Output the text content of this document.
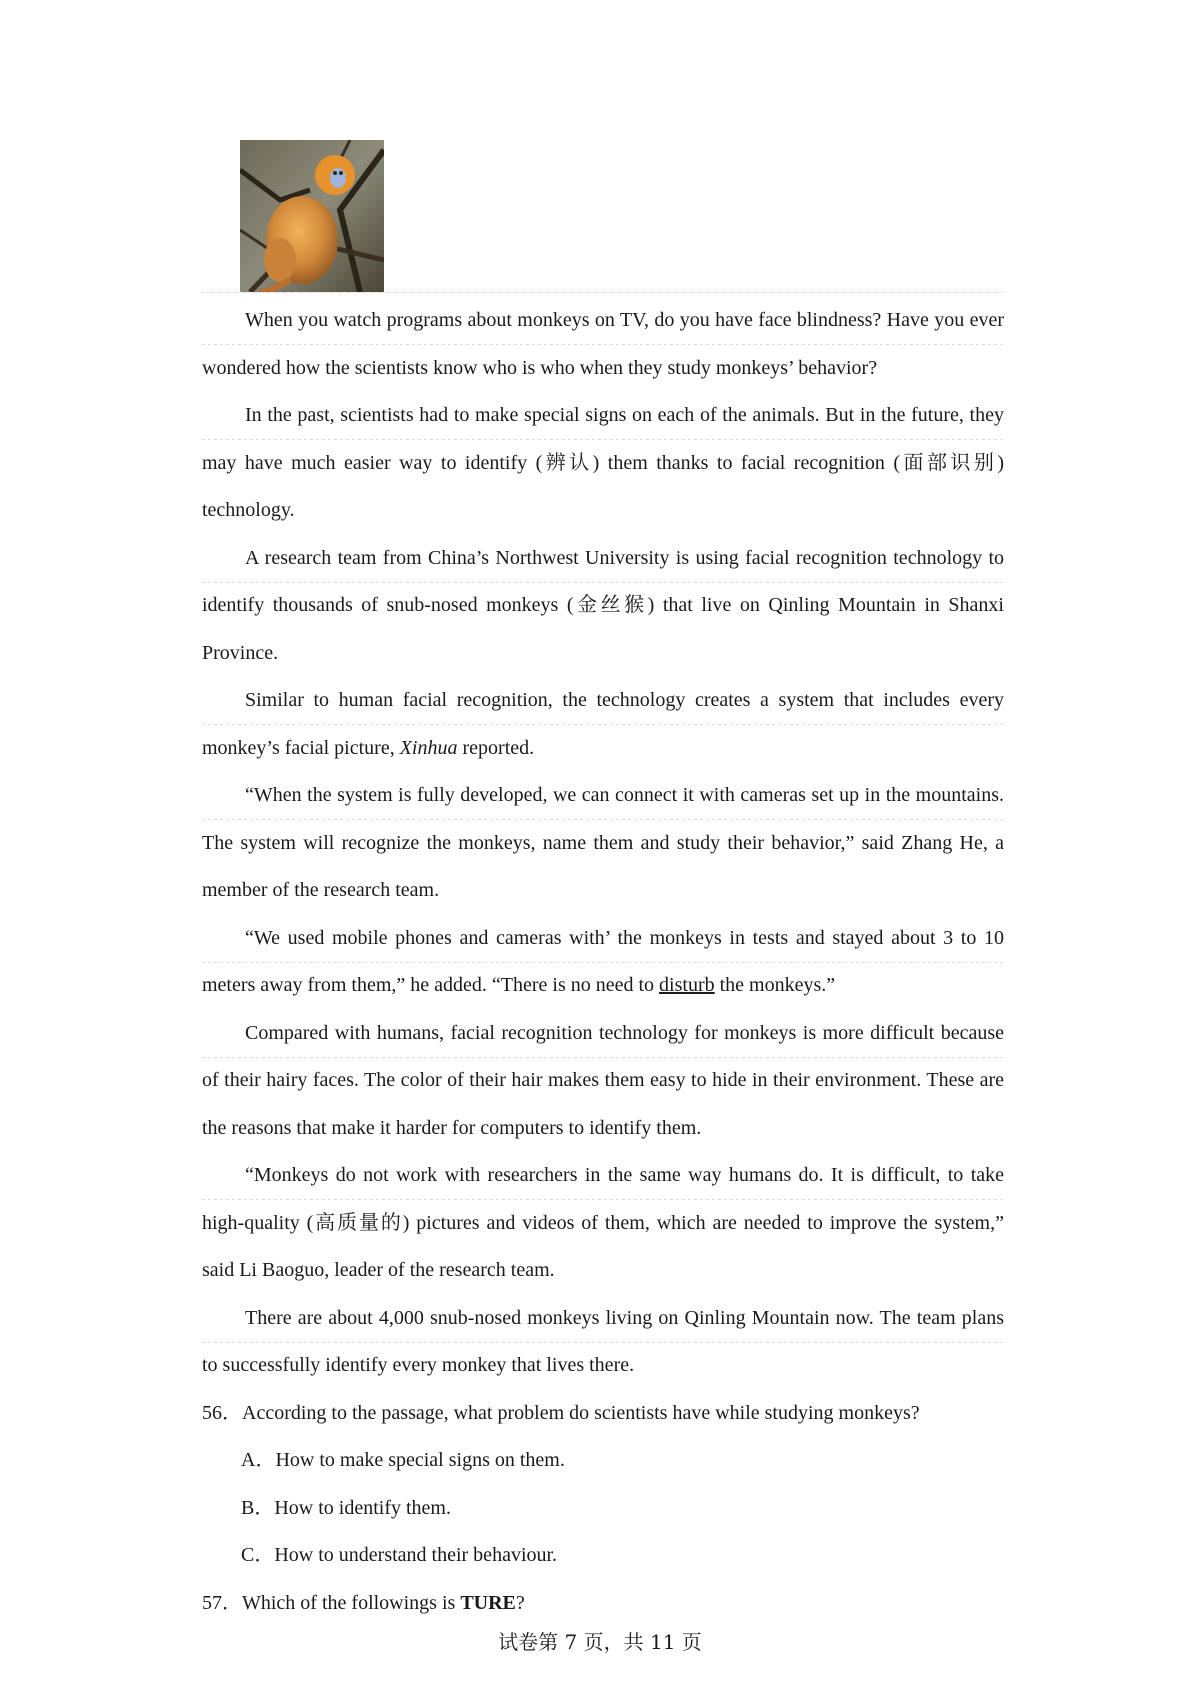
When you watch programs about monkeys on TV, do you have face blindness? Have you ever wondered how the scientists know who is who when they study monkeys’ behavior?

In the past, scientists had to make special signs on each of the animals. But in the future, they may have much easier way to identify (辨认) them thanks to facial recognition (面部识别) technology.

A research team from China’s Northwest University is using facial recognition technology to identify thousands of snub-nosed monkeys (金丝猴) that live on Qinling Mountain in Shanxi Province.

Similar to human facial recognition, the technology creates a system that includes every monkey’s facial picture, Xinhua reported.

“When the system is fully developed, we can connect it with cameras set up in the mountains. The system will recognize the monkeys, name them and study their behavior,” said Zhang He, a member of the research team.

“We used mobile phones and cameras with’ the monkeys in tests and stayed about 3 to 10 meters away from them,” he added. “There is no need to disturb the monkeys.”

Compared with humans, facial recognition technology for monkeys is more difficult because of their hairy faces. The color of their hair makes them easy to hide in their environment. These are the reasons that make it harder for computers to identify them.

“Monkeys do not work with researchers in the same way humans do. It is difficult, to take high-quality (高质量的) pictures and videos of them, which are needed to improve the system,” said Li Baoguo, leader of the research team.

There are about 4,000 snub-nosed monkeys living on Qinling Mountain now. The team plans to successfully identify every monkey that lives there.

56．According to the passage, what problem do scientists have while studying monkeys?

A．How to make special signs on them.

B．How to identify them.

C．How to understand their behaviour.

57．Which of the followings is TURE?

试卷第 7 页，共 11 页
